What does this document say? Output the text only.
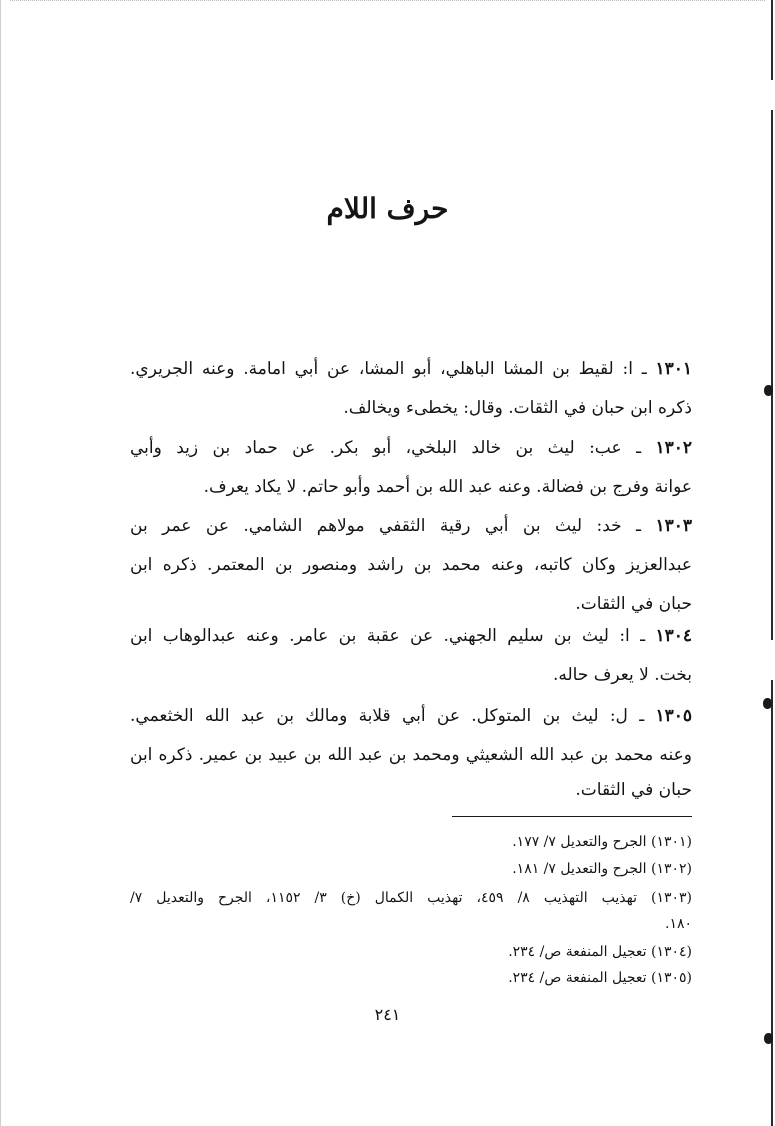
حرف اللام
١٣٠١ ـ ا: لقيط بن المشا الباهلي، أبو المشا، عن أبي امامة. وعنه الجريري.
ذكره ابن حبان في الثقات. وقال: يخطىء ويخالف.
١٣٠٢ ـ عب: ليث بن خالد البلخي، أبو بكر. عن حماد بن زيد وأبي
عوانة وفرج بن فضالة. وعنه عبد الله بن أحمد وأبو حاتم. لا يكاد يعرف.
١٣٠٣ ـ خد: ليث بن أبي رقية الثقفي مولاهم الشامي. عن عمر بن
عبدالعزيز وكان كاتبه، وعنه محمد بن راشد ومنصور بن المعتمر. ذكره ابن
حبان في الثقات.
١٣٠٤ ـ ا: ليث بن سليم الجهني. عن عقبة بن عامر. وعنه عبدالوهاب ابن
بخت. لا يعرف حاله.
١٣٠٥ ـ ل: ليث بن المتوكل. عن أبي قلابة ومالك بن عبد الله الخثعمي.
وعنه محمد بن عبد الله الشعيثي ومحمد بن عبد الله بن عبيد بن عمير. ذكره ابن
حبان في الثقات.
(١٣٠١) الجرح والتعديل ٧/ ١٧٧.
(١٣٠٢) الجرح والتعديل ٧/ ١٨١.
(١٣٠٣) تهذيب التهذيب ٨/ ٤٥٩، تهذيب الكمال (خ) ٣/ ١١٥٢، الجرح والتعديل ٧/
١٨٠.
(١٣٠٤) تعجيل المنفعة ص/ ٢٣٤.
(١٣٠٥) تعجيل المنفعة ص/ ٢٣٤.
٢٤١
